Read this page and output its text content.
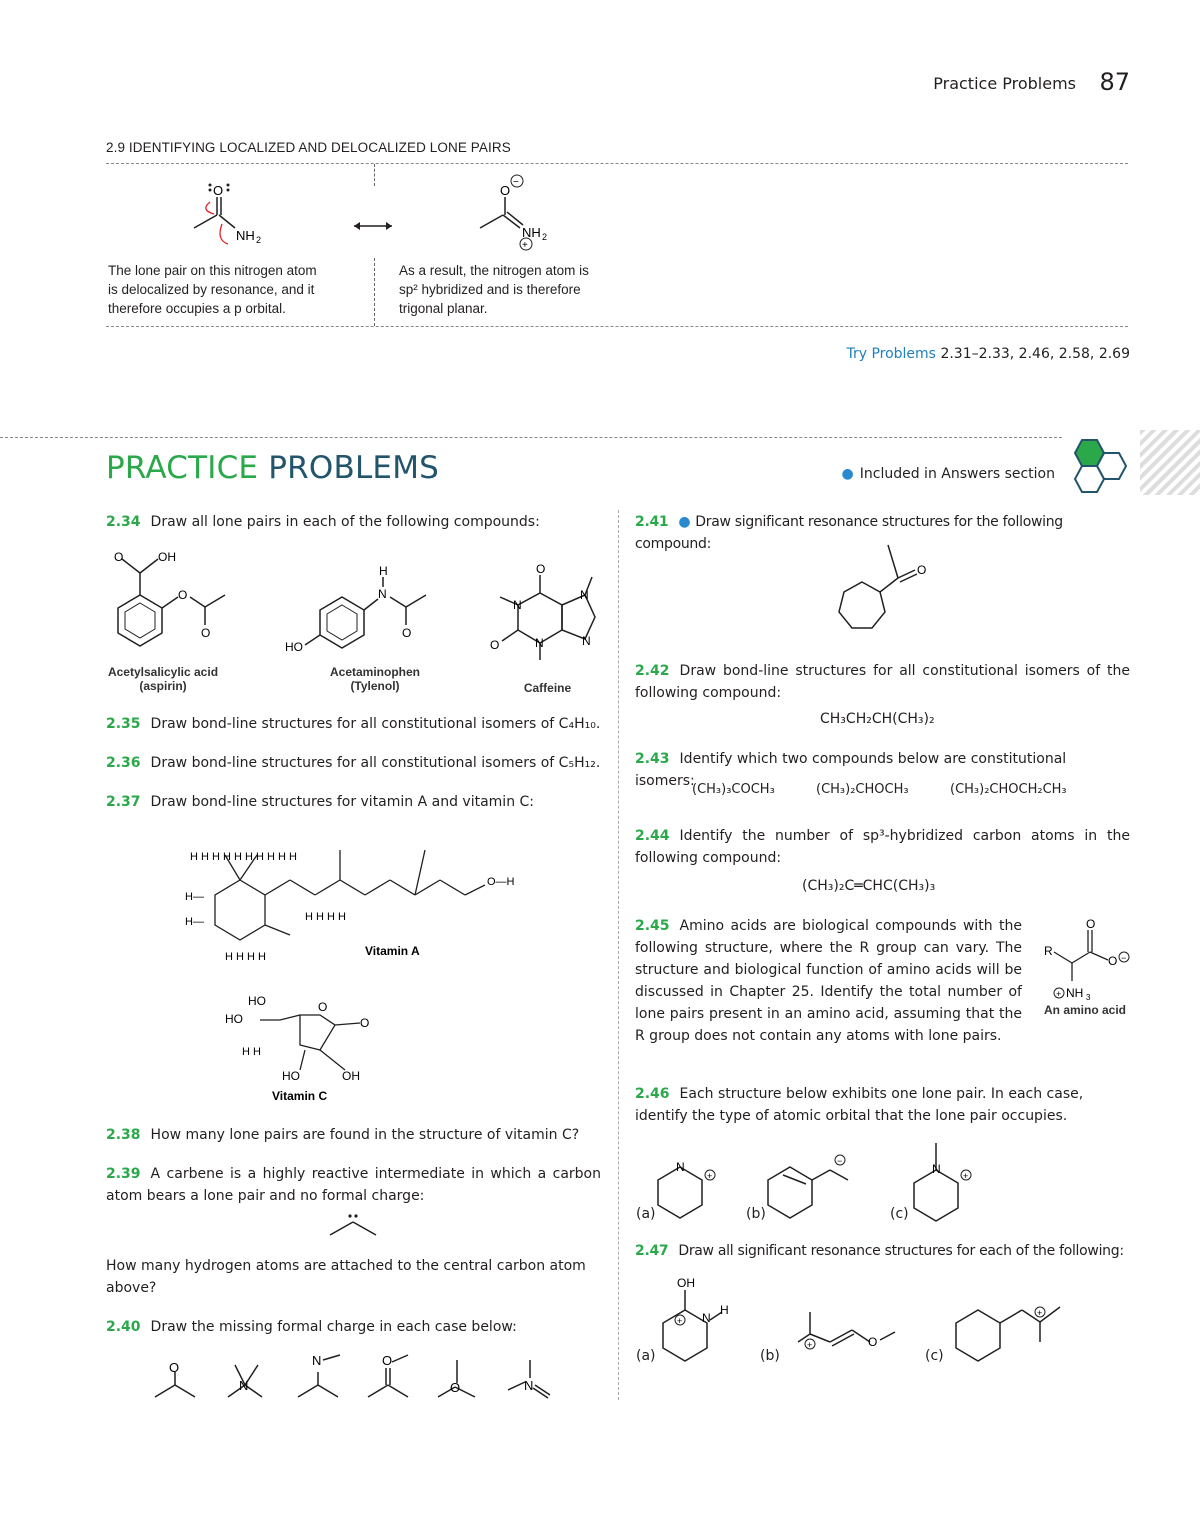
Practice Problems 87
2.9 IDENTIFYING LOCALIZED AND DELOCALIZED LONE PAIRS
O
NH 2
O
NH 2
−
+
The lone pair on this nitrogen atom
is delocalized by resonance, and it
therefore occupies a p orbital.
As a result, the nitrogen atom is
sp² hybridized and is therefore
trigonal planar.
Try Problems 2.31–2.33, 2.46, 2.58, 2.69
PRACTICE PROBLEMS	● Included in Answers section
2.34 Draw all lone pairs in each of the following compounds:
O	OH
O
O
HO
N
H
O
O
O
N
N
N
N
Acetylsalicylic acid
(aspirin)
Acetaminophen
(Tylenol)	Caffeine
2.35 Draw bond-line structures for all constitutional isomers of C₄H₁₀.
2.36 Draw bond-line structures for all constitutional isomers of C₅H₁₂.
2.37 Draw bond-line structures for vitamin A and vitamin C:
H H H H H H H H H H
H—
H—
H H H H
H H H H
O—H
Vitamin A
HO
HO
O
O
H H
HO	OH
Vitamin C
2.38 How many lone pairs are found in the structure of vitamin C?
2.39 A carbene is a highly reactive intermediate in which a carbon atom bears a lone pair and no formal charge:
How many hydrogen atoms are attached to the central carbon atom above?
2.40 Draw the missing formal charge in each case below:
O
N
N	O
O	N
2.41 ● Draw significant resonance structures for the following compound:
O
2.42 Draw bond-line structures for all constitutional isomers of the following compound:
CH₃CH₂CH(CH₃)₂
2.43 Identify which two compounds below are constitutional isomers:
(CH₃)₃COCH₃	(CH₃)₂CHOCH₃	(CH₃)₂CHOCH₂CH₃
2.44 Identify the number of sp³-hybridized carbon atoms in the following compound:
(CH₃)₂C═CHC(CH₃)₃
2.45 Amino acids are biological compounds with the following structure, where the R group can vary. The structure and biological function of amino acids will be discussed in Chapter 25. Identify the total number of lone pairs present in an amino acid, assuming that the R group does not contain any atoms with lone pairs.
R
O
O −
+ NH 3
An amino acid
2.46 Each structure below exhibits one lone pair. In each case, identify the type of atomic orbital that the lone pair occupies.
N	N
+
−
+
(a)	(b)	(c)
2.47 Draw all significant resonance structures for each of the following:
OH
N
H
+
+	O
+
(a)	(b)	(c)
